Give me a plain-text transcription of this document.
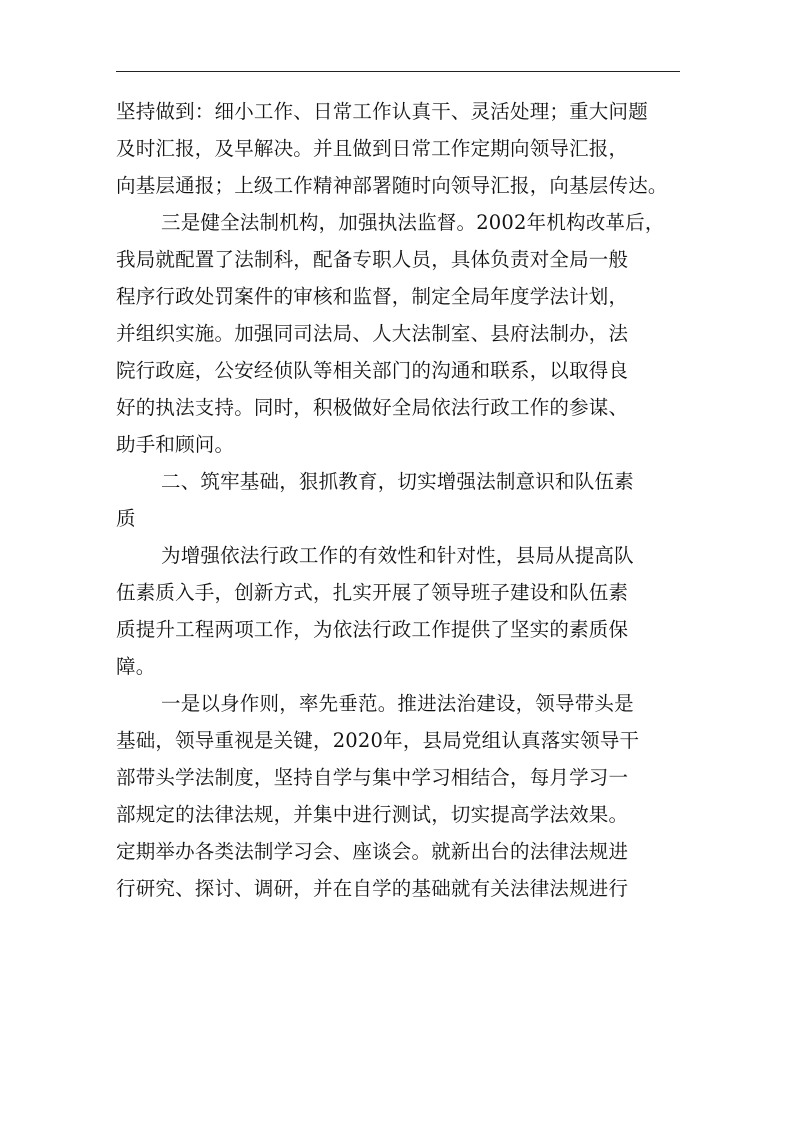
坚持做到：细小工作、日常工作认真干、灵活处理；重大问题
及时汇报，及早解决。并且做到日常工作定期向领导汇报，
向基层通报；上级工作精神部署随时向领导汇报，向基层传达。
三是健全法制机构，加强执法监督。2002年机构改革后，
我局就配置了法制科，配备专职人员，具体负责对全局一般
程序行政处罚案件的审核和监督，制定全局年度学法计划，
并组织实施。加强同司法局、人大法制室、县府法制办，法
院行政庭，公安经侦队等相关部门的沟通和联系，以取得良
好的执法支持。同时，积极做好全局依法行政工作的参谋、
助手和顾问。
二、筑牢基础，狠抓教育，切实增强法制意识和队伍素
质
为增强依法行政工作的有效性和针对性，县局从提高队
伍素质入手，创新方式，扎实开展了领导班子建设和队伍素
质提升工程两项工作，为依法行政工作提供了坚实的素质保
障。
一是以身作则，率先垂范。推进法治建设，领导带头是
基础，领导重视是关键，2020年，县局党组认真落实领导干
部带头学法制度，坚持自学与集中学习相结合，每月学习一
部规定的法律法规，并集中进行测试，切实提高学法效果。
定期举办各类法制学习会、座谈会。就新出台的法律法规进
行研究、探讨、调研，并在自学的基础就有关法律法规进行
